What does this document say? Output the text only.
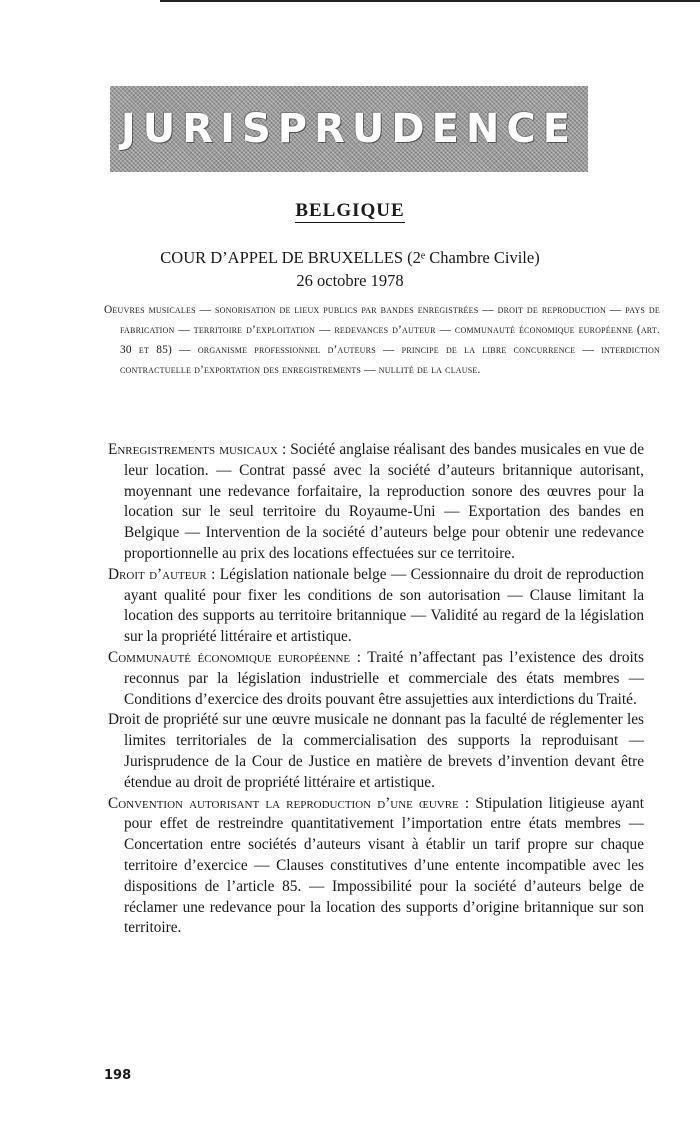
JURISPRUDENCE
BELGIQUE
COUR D’APPEL DE BRUXELLES (2ᵉ Chambre Civile)
26 octobre 1978
Oeuvres musicales — sonorisation de lieux publics par bandes enregistrées — droit de reproduction — pays de fabrication — territoire d’exploitation — redevances d’auteur — communauté économique européenne (art. 30 et 85) — organisme professionnel d’auteurs — principe de la libre concurrence — interdiction contractuelle d’exportation des enregistrements — nullité de la clause.

Enregistrements musicaux : Société anglaise réalisant des bandes musicales en vue de leur location. — Contrat passé avec la société d’auteurs britannique autorisant, moyennant une redevance forfaitaire, la reproduction sonore des œuvres pour la location sur le seul territoire du Royaume-Uni — Exportation des bandes en Belgique — Intervention de la société d’auteurs belge pour obtenir une redevance proportionnelle au prix des locations effectuées sur ce territoire.

Droit d’auteur : Législation nationale belge — Cessionnaire du droit de reproduction ayant qualité pour fixer les conditions de son autorisation — Clause limitant la location des supports au territoire britannique — Validité au regard de la législation sur la propriété littéraire et artistique.

Communauté économique européenne : Traité n’affectant pas l’existence des droits reconnus par la législation industrielle et commerciale des états membres — Conditions d’exercice des droits pouvant être assujetties aux interdictions du Traité.

Droit de propriété sur une œuvre musicale ne donnant pas la faculté de réglementer les limites territoriales de la commercialisation des supports la reproduisant — Jurisprudence de la Cour de Justice en matière de brevets d’invention devant être étendue au droit de propriété littéraire et artistique.

Convention autorisant la reproduction d’une œuvre : Stipulation litigieuse ayant pour effet de restreindre quantitativement l’importation entre états membres — Concertation entre sociétés d’auteurs visant à établir un tarif propre sur chaque territoire d’exercice — Clauses constitutives d’une entente incompatible avec les dispositions de l’article 85. — Impossibilité pour la société d’auteurs belge de réclamer une redevance pour la location des supports d’origine britannique sur son territoire.

198
